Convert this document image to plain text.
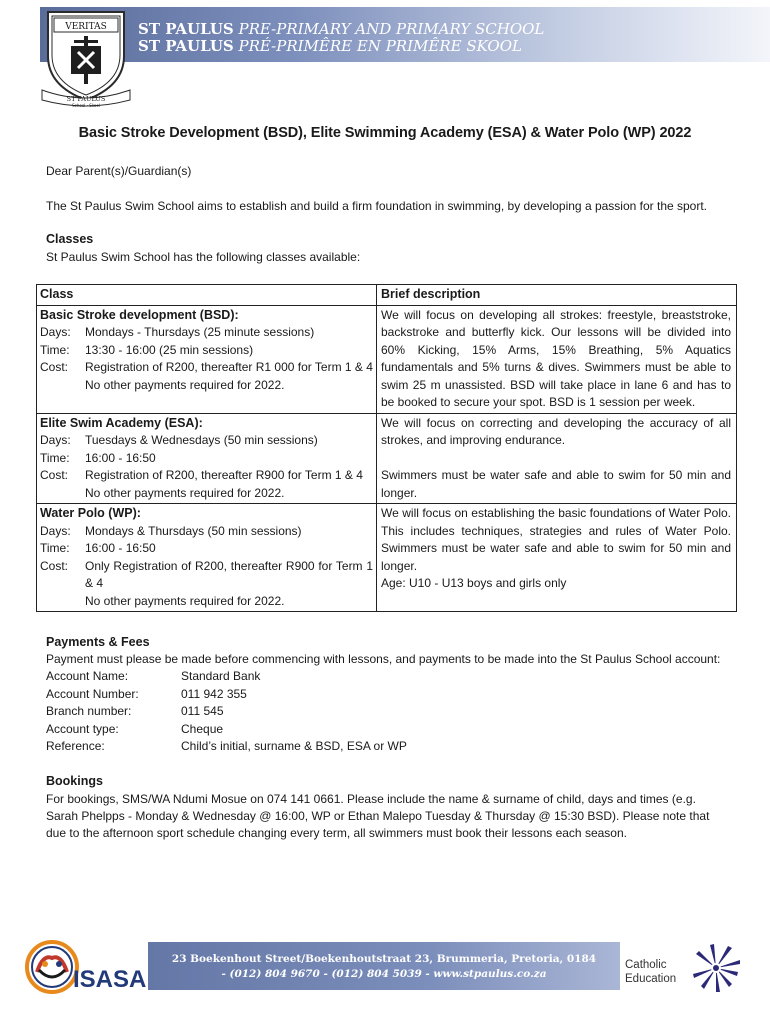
ST PAULUS PRE-PRIMARY AND PRIMARY SCHOOL
ST PAULUS PRÉ-PRIMÊRE EN PRIMÊRE SKOOL
VERITAS
ST PAULUS
School · Skool
Basic Stroke Development (BSD), Elite Swimming Academy (ESA) & Water Polo (WP) 2022
Dear Parent(s)/Guardian(s)
The St Paulus Swim School aims to establish and build a firm foundation in swimming, by developing a passion for the sport.
Classes
St Paulus Swim School has the following classes available:
Class	Brief description
Basic Stroke development (BSD):
Days:	Mondays - Thursdays (25 minute sessions)
Time:	13:30 - 16:00 (25 min sessions)
Cost:	Registration of R200, thereafter R1 000 for Term 1 & 4
No other payments required for 2022.
We will focus on developing all strokes: freestyle, breaststroke, backstroke and butterfly kick. Our lessons will be divided into 60% Kicking, 15% Arms, 15% Breathing, 5% Aquatics fundamentals and 5% turns & dives. Swimmers must be able to swim 25 m unassisted. BSD will take place in lane 6 and has to be booked to secure your spot. BSD is 1 session per week.
Elite Swim Academy (ESA):
Days:	Tuesdays & Wednesdays (50 min sessions)
Time:	16:00 - 16:50
Cost:	Registration of R200, thereafter R900 for Term 1 & 4
No other payments required for 2022.
We will focus on correcting and developing the accuracy of all strokes, and improving endurance.
Swimmers must be water safe and able to swim for 50 min and longer.
Water Polo (WP):
Days:	Mondays & Thursdays (50 min sessions)
Time:	16:00 - 16:50
Cost:	Only Registration of R200, thereafter R900 for Term 1 & 4
No other payments required for 2022.
We will focus on establishing the basic foundations of Water Polo. This includes techniques, strategies and rules of Water Polo. Swimmers must be water safe and able to swim for 50 min and longer.
Age: U10 - U13 boys and girls only
Payments & Fees
Payment must please be made before commencing with lessons, and payments to be made into the St Paulus School account:
Account Name:	Standard Bank
Account Number:	011 942 355
Branch number:	011 545
Account type:	Cheque
Reference:	Child’s initial, surname & BSD, ESA or WP
Bookings
For bookings, SMS/WA Ndumi Mosue on 074 141 0661. Please include the name & surname of child, days and times (e.g.
Sarah Phelpps - Monday & Wednesday @ 16:00, WP or Ethan Malepo Tuesday & Thursday @ 15:30 BSD). Please note that
due to the afternoon sport schedule changing every term, all swimmers must book their lessons each season.
ISASA
23 Boekenhout Street/Boekenhoutstraat 23, Brummeria, Pretoria, 0184
- (012) 804 9670 - (012) 804 5039 - www.stpaulus.co.za
Catholic
Education
